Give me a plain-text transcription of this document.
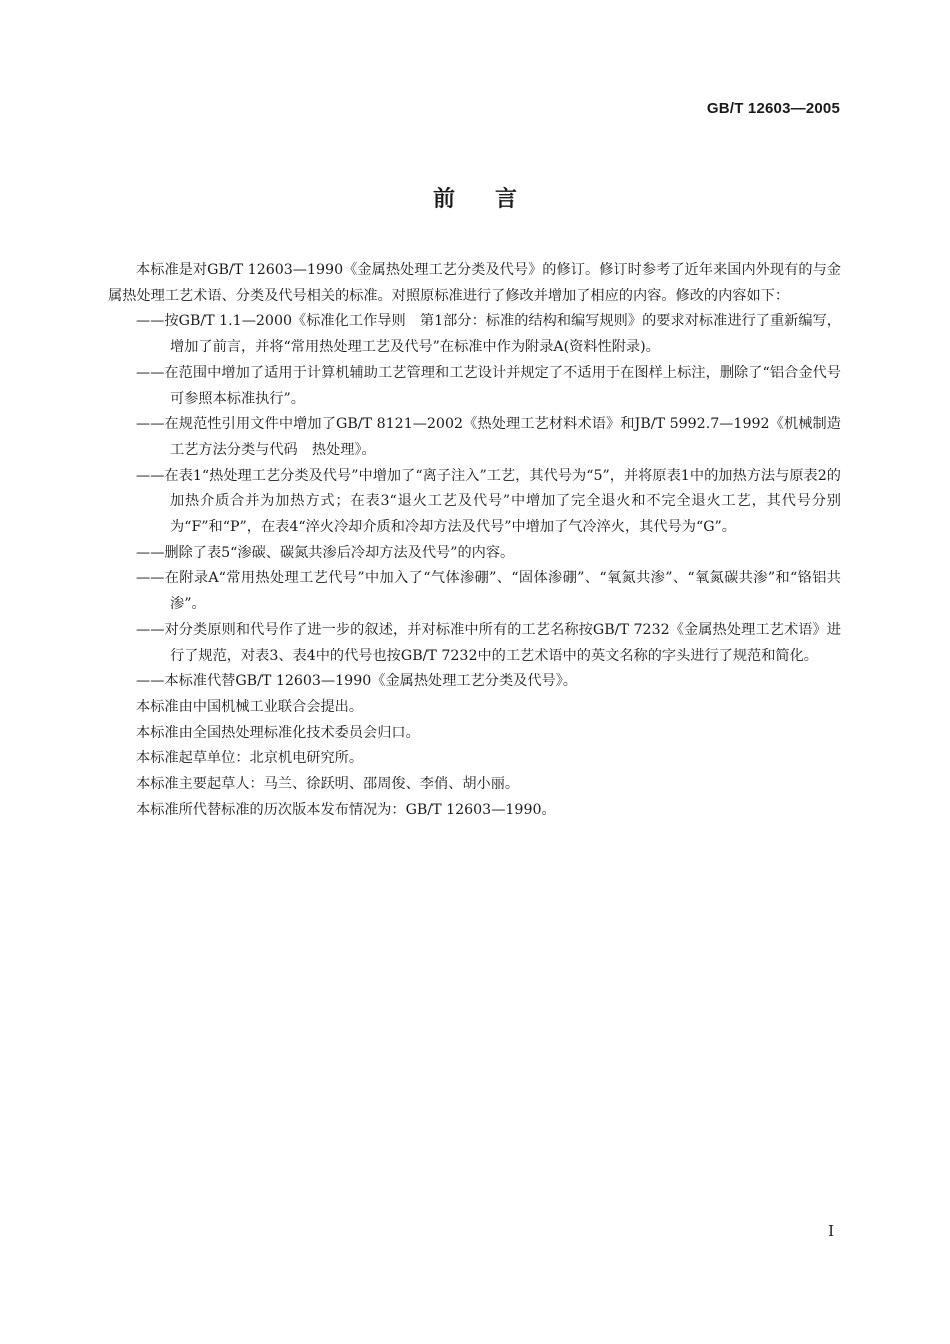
GB/T 12603—2005
前言

本标准是对GB/T 12603—1990《金属热处理工艺分类及代号》的修订。修订时参考了近年来国内外现有的与金属热处理工艺术语、分类及代号相关的标准。对照原标准进行了修改并增加了相应的内容。修改的内容如下：

——按GB/T 1.1—2000《标准化工作导则　第1部分：标准的结构和编写规则》的要求对标准进行了重新编写，增加了前言，并将“常用热处理工艺及代号”在标准中作为附录A(资料性附录)。

——在范围中增加了适用于计算机辅助工艺管理和工艺设计并规定了不适用于在图样上标注，删除了“铝合金代号可参照本标准执行”。

——在规范性引用文件中增加了GB/T 8121—2002《热处理工艺材料术语》和JB/T 5992.7—1992《机械制造工艺方法分类与代码　热处理》。

——在表1“热处理工艺分类及代号”中增加了“离子注入”工艺，其代号为“5”，并将原表1中的加热方法与原表2的加热介质合并为加热方式；在表3“退火工艺及代号”中增加了完全退火和不完全退火工艺，其代号分别为“F”和“P”，在表4“淬火冷却介质和冷却方法及代号”中增加了气冷淬火，其代号为“G”。

——删除了表5“渗碳、碳氮共渗后冷却方法及代号”的内容。

——在附录A“常用热处理工艺代号”中加入了“气体渗硼”、“固体渗硼”、“氧氮共渗”、“氧氮碳共渗”和“铬铝共渗”。

——对分类原则和代号作了进一步的叙述，并对标准中所有的工艺名称按GB/T 7232《金属热处理工艺术语》进行了规范，对表3、表4中的代号也按GB/T 7232中的工艺术语中的英文名称的字头进行了规范和简化。

——本标准代替GB/T 12603—1990《金属热处理工艺分类及代号》。

本标准由中国机械工业联合会提出。

本标准由全国热处理标准化技术委员会归口。

本标准起草单位：北京机电研究所。

本标准主要起草人：马兰、徐跃明、邵周俊、李俏、胡小丽。

本标准所代替标准的历次版本发布情况为：GB/T 12603—1990。

I
